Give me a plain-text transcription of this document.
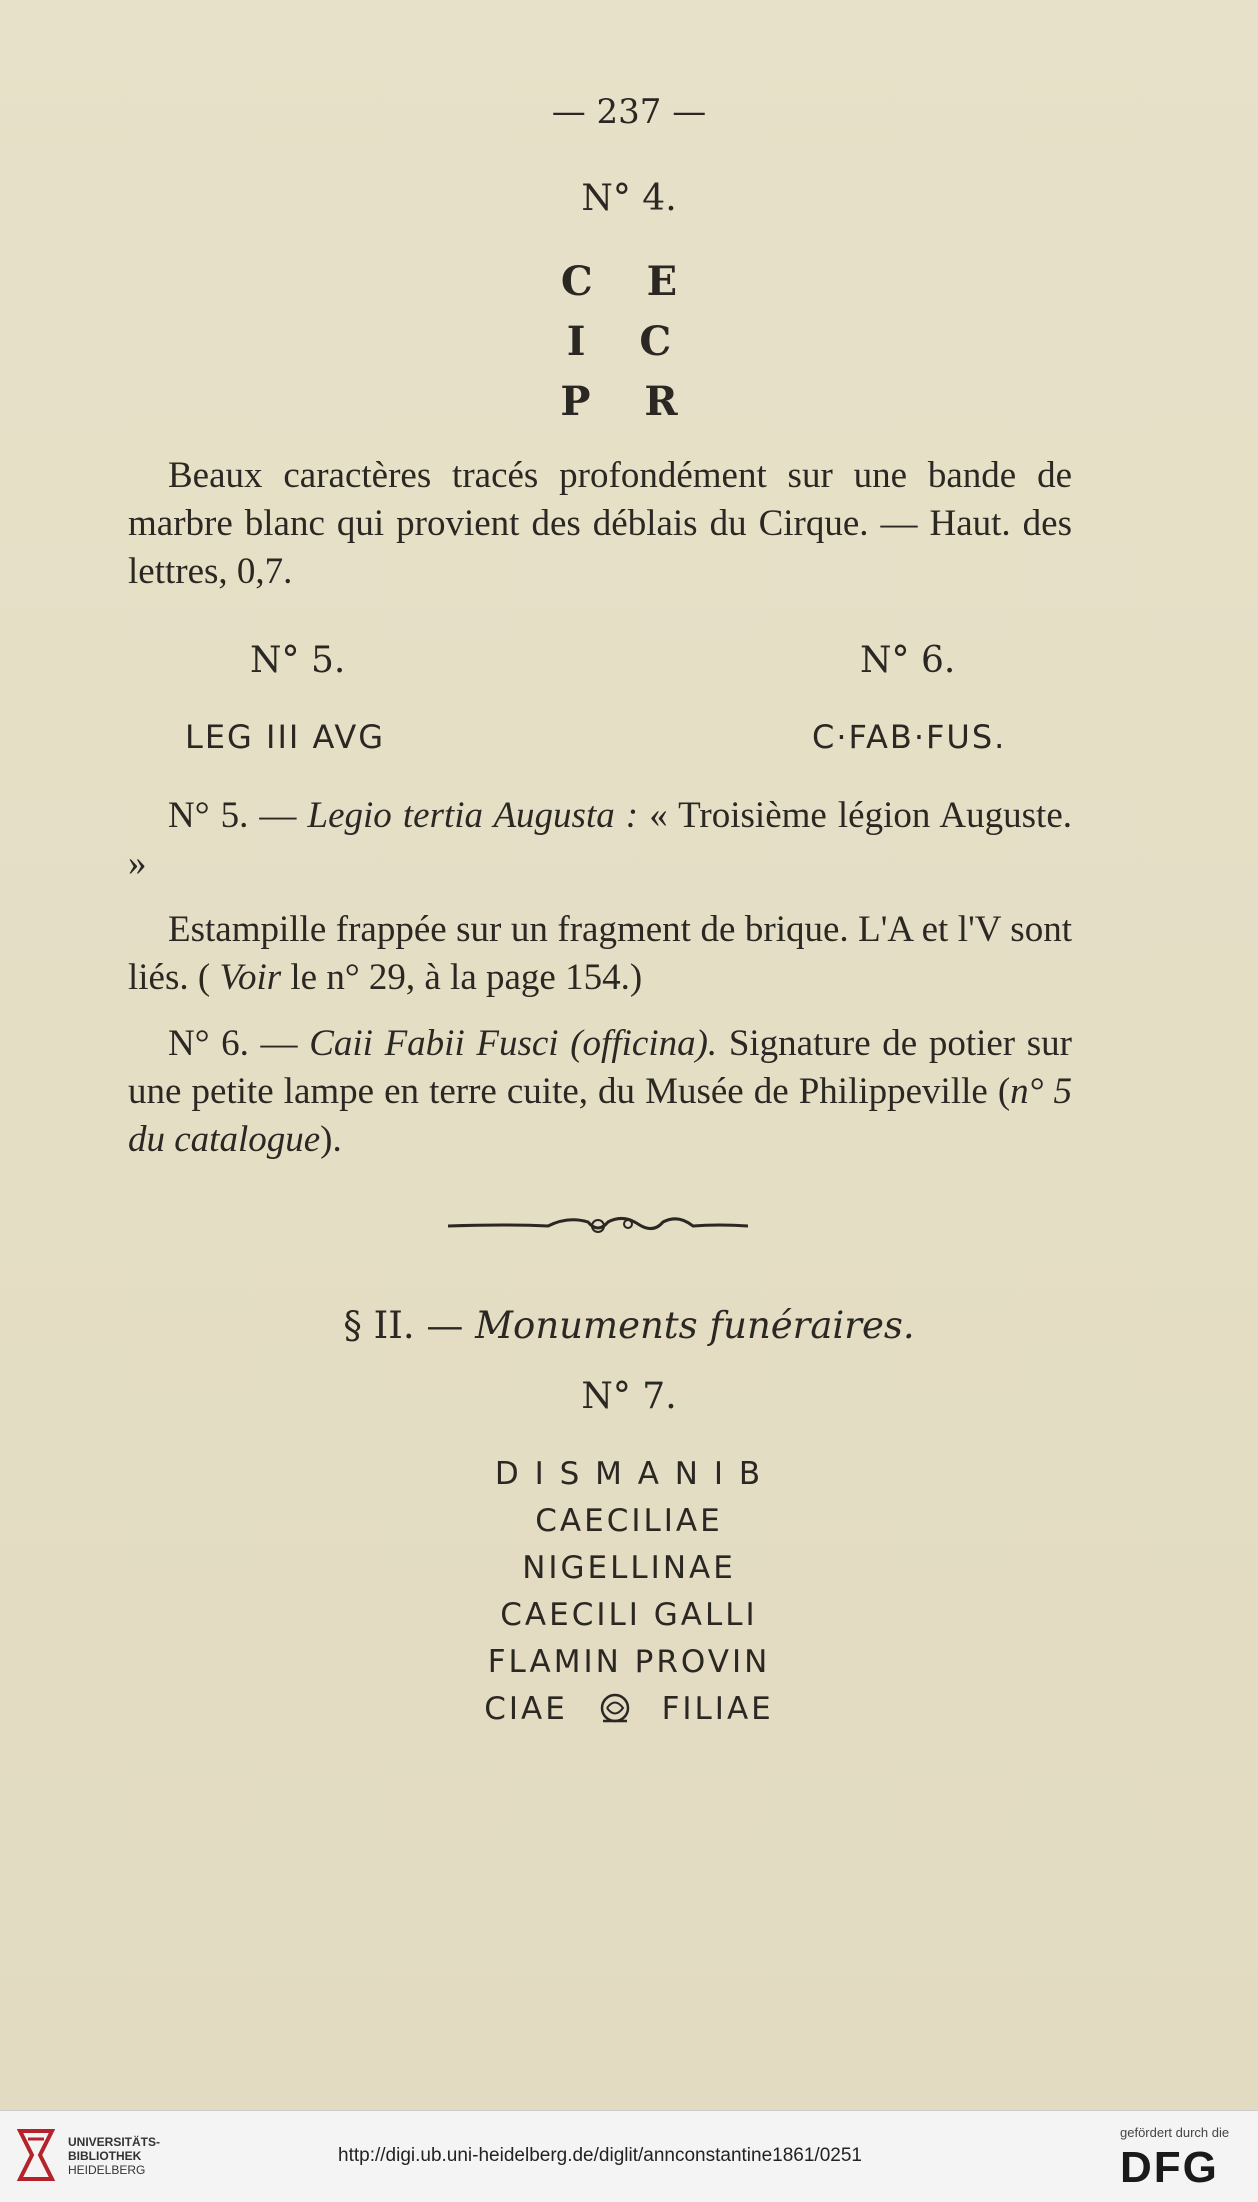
— 237 —
N° 4.
C E
I C
P R
Beaux caractères tracés profondément sur une bande de marbre blanc qui provient des déblais du Cirque. — Haut. des lettres, 0,7.
N° 5.	N° 6.
LEG III AVG	C·FAB·FUS.
N° 5. — Legio tertia Augusta : « Troisième légion Auguste. »
Estampille frappée sur un fragment de brique. L'A et l'V sont liés. ( Voir le n° 29, à la page 154.)
N° 6. — Caii Fabii Fusci (officina). Signature de potier sur une petite lampe en terre cuite, du Musée de Philippeville (n° 5 du catalogue).
§ II. — Monuments funéraires.
N° 7.
D I S M A N I B
CAECILIAE
NIGELLINAE
CAECILI GALLI
FLAMIN PROVIN
CIAE	FILIAE
UNIVERSITÄTS-
BIBLIOTHEK
HEIDELBERG
http://digi.ub.uni-heidelberg.de/diglit/annconstantine1861/0251
gefördert durch die
DFG
